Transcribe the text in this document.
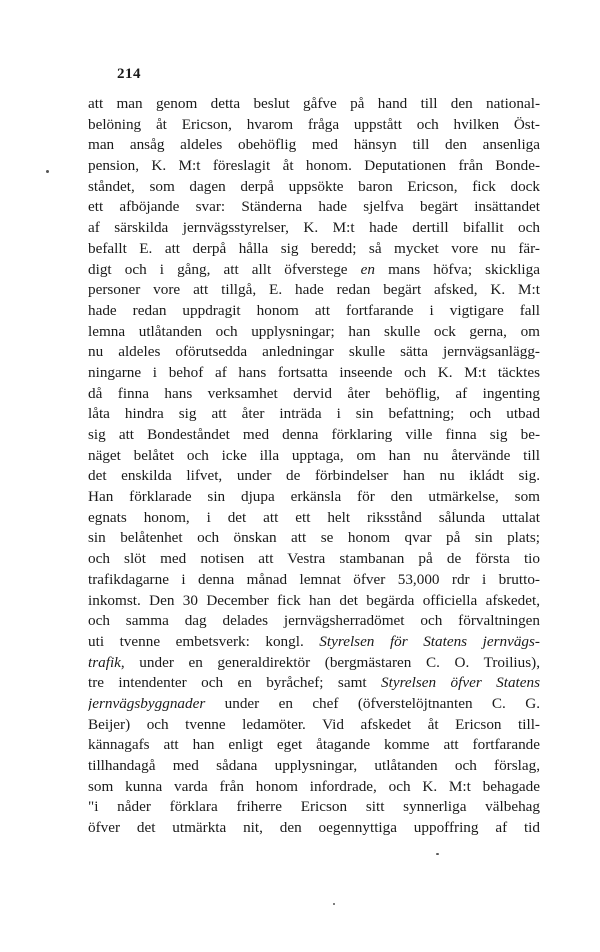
214
att man genom detta beslut gåfve på hand till den national-
belöning åt Ericson, hvarom fråga uppstått och hvilken Öst-
man ansåg aldeles obehöflig med hänsyn till den ansenliga
pension, K. M:t föreslagit åt honom. Deputationen från Bonde-
ståndet, som dagen derpå uppsökte baron Ericson, fick dock
ett afböjande svar: Ständerna hade sjelfva begärt insättandet
af särskilda jernvägsstyrelser, K. M:t hade dertill bifallit och
befallt E. att derpå hålla sig beredd; så mycket vore nu fär-
digt och i gång, att allt öfverstege en mans höfva; skickliga
personer vore att tillgå, E. hade redan begärt afsked, K. M:t
hade redan uppdragit honom att fortfarande i vigtigare fall
lemna utlåtanden och upplysningar; han skulle ock gerna, om
nu aldeles oförutsedda anledningar skulle sätta jernvägsanlägg-
ningarne i behof af hans fortsatta inseende och K. M:t täcktes
då finna hans verksamhet dervid åter behöflig, af ingenting
låta hindra sig att åter inträda i sin befattning; och utbad
sig att Bondeståndet med denna förklaring ville finna sig be-
näget belåtet och icke illa upptaga, om han nu återvände till
det enskilda lifvet, under de förbindelser han nu ikládt sig.
Han förklarade sin djupa erkänsla för den utmärkelse, som
egnats honom, i det att ett helt riksstånd sålunda uttalat
sin belåtenhet och önskan att se honom qvar på sin plats;
och slöt med notisen att Vestra stambanan på de första tio
trafikdagarne i denna månad lemnat öfver 53,000 rdr i brutto-
inkomst. Den 30 December fick han det begärda officiella afskedet,
och samma dag delades jernvägsherradömet och förvaltningen
uti tvenne embetsverk: kongl. Styrelsen för Statens jernvägs-
trafik, under en generaldirektör (bergmästaren C. O. Troilius),
tre intendenter och en byråchef; samt Styrelsen öfver Statens
jernvägsbyggnader under en chef (öfverstelöjtnanten C. G.
Beijer) och tvenne ledamöter. Vid afskedet åt Ericson till-
kännagafs att han enligt eget åtagande komme att fortfarande
tillhandagå med sådana upplysningar, utlåtanden och förslag,
som kunna varda från honom infordrade, och K. M:t behagade
"i nåder förklara friherre Ericson sitt synnerliga välbehag
öfver det utmärkta nit, den oegennyttiga uppoffring af tid
